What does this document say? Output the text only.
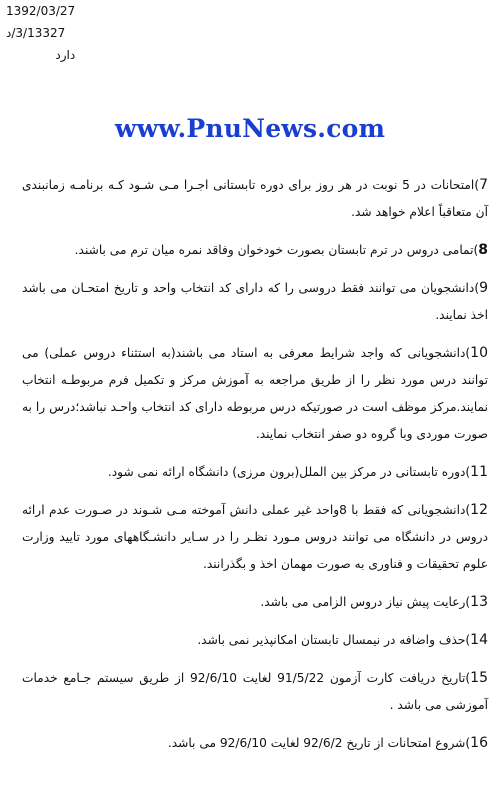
1392/03/27
3/13327/د
دارد
www.PnuNews.com

7)امتحانات در 5 نوبت در هر روز برای دوره تابستانی اجـرا مـی شـود کـه برنامـه زمانبندی آن متعاقباً اعلام خواهد شد.

8)تمامی دروس در ترم تابستان بصورت خودخوان وفاقد نمره میان ترم می باشند.

9)دانشجویان می توانند فقط دروسی را که دارای کد انتخاب واحد و تاریخ امتحـان می باشد اخذ نمایند.

10)دانشجویانی که واجد شرایط معرفی به استاد می باشند(به استثناء دروس عملی) می توانند درس مورد نظر را از طریق مراجعه به آموزش مرکز و تکمیل فرم مربوطـه انتخاب نمایند.مرکز موظف است در صورتیکه درس مربوطه دارای کد انتخاب واحـد نباشد؛درس را به صورت موردی وبا گروه دو صفر انتخاب نمایند.

11)دوره تابستانی در مرکز بین الملل(برون مرزی) دانشگاه ارائه نمی شود.

12)دانشجویانی که فقط با 8واحد غیر عملی دانش آموخته مـی شـوند در صـورت عدم ارائه دروس در دانشگاه می توانند دروس مـورد نظـر را در سـایر دانشـگاههای مورد تایید وزارت علوم تحقیقات و فناوری به صورت مهمان اخذ و بگذرانند.

13)رعایت پیش نیاز دروس الزامی می باشد.

14)حذف واضافه در نیمسال تابستان امکانپذیر نمی باشد.

15)تاریخ دریافت کارت آزمون 91/5/22 لغایت 92/6/10 از طریق سیستم جـامع خدمات آموزشی می باشد .

16)شروع امتحانات از تاریخ 92/6/2 لغایت 92/6/10 می باشد.
